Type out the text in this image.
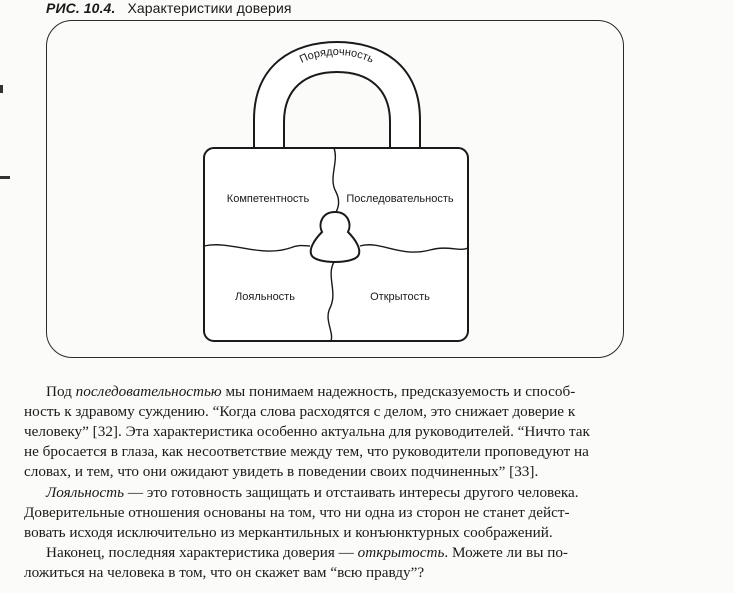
РИС. 10.4. Характеристики доверия
Порядочность
Компетентность	Последовательность
Лояльность	Открытость
Под последовательностью мы понимаем надежность, предсказуемость и способ-
ность к здравому суждению. “Когда слова расходятся с делом, это снижает доверие к
человеку” [32]. Эта характеристика особенно актуальна для руководителей. “Ничто так
не бросается в глаза, как несоответствие между тем, что руководители проповедуют на
словах, и тем, что они ожидают увидеть в поведении своих подчиненных” [33].
Лояльность — это готовность защищать и отстаивать интересы другого человека.
Доверительные отношения основаны на том, что ни одна из сторон не станет дейст-
вовать исходя исключительно из меркантильных и конъюнктурных соображений.
Наконец, последняя характеристика доверия — открытость. Можете ли вы по-
ложиться на человека в том, что он скажет вам “всю правду”?
